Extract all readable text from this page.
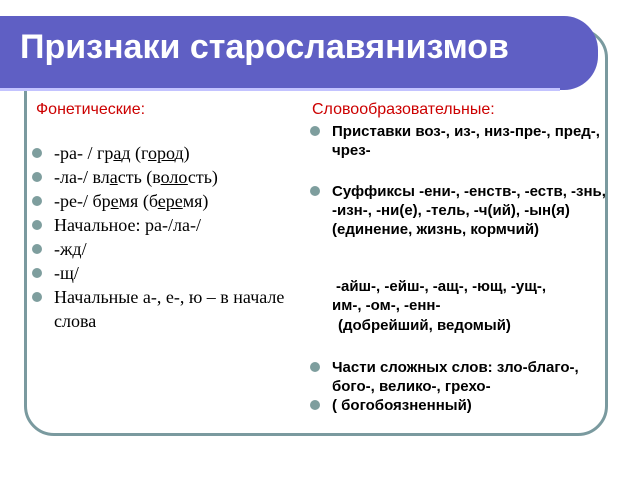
Признаки старославянизмов
Фонетические:	Словообразовательные:
-ра- / град (город)
-ла-/ власть (волость)
-ре-/ бремя (беремя)
Начальное: ра-/ла-/
-жд/
-щ/
Начальные а-, е-, ю – в начале слова
Приставки воз-, из-, низ-пре-, пред-, чрез-
Суффиксы -ени-, -енств-, -еств, -знь, -изн-, -ни(е), -тель, -ч(ий), -ын(я) (единение, жизнь, кормчий)
-айш-, -ейш-, -ащ-, -ющ, -ущ-,
им-, -ом-, -енн-
(добрейший, ведомый)
Части сложных слов: зло-благо-, бого-, велико-, грехо-
( богобоязненный)
